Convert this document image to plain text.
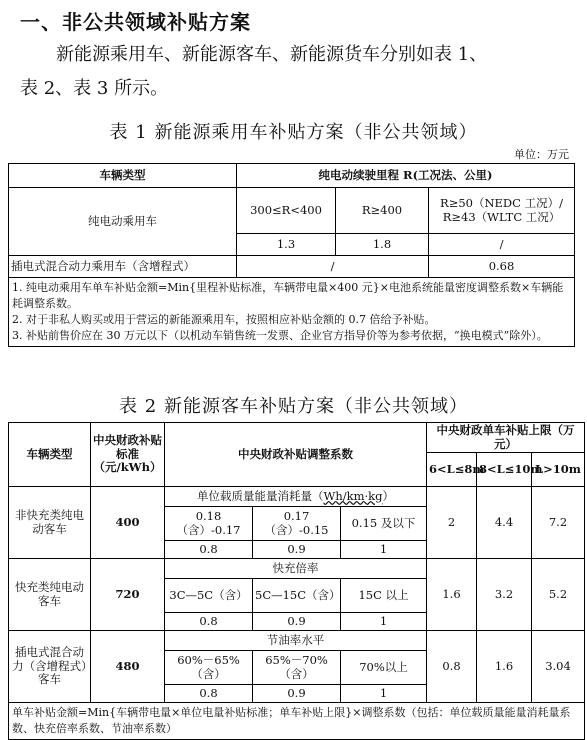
一、非公共领域补贴方案
新能源乘用车、新能源客车、新能源货车分别如表 1、
表 2、表 3 所示。
表 1 新能源乘用车补贴方案（非公共领域）
单位：万元
车辆类型	纯电动续驶里程 R(工况法、公里)		
纯电动乘用车	300≤R<400	R≥400	R≥50（NEDC 工况）/
R≥43（WLTC 工况）

	1.3	1.8	/
插电式混合动力乘用车（含增程式）	/		0.68

1. 纯电动乘用车单车补贴金额=Min{里程补贴标准，车辆带电量×400 元}×电池系统能量密度调整系数×车辆能耗调整系数。
2. 对于非私人购买或用于营运的新能源乘用车，按照相应补贴金额的 0.7 倍给予补贴。
3. 补贴前售价应在 30 万元以下（以机动车销售统一发票、企业官方指导价等为参考依据，“换电模式”除外）。			
表 2 新能源客车补贴方案（非公共领域）
车辆类型	中央财政补贴标准（元/kWh）	中央财政补贴调整系数			中央财政单车补贴上限（万元）		
					6<L≤8m	8<L≤10m	L>10m
非快充类纯电动客车	400	单位载质量能量消耗量（Wh/km·kg）			2	4.4	7.2
		0.18（含）-0.17	0.17（含）-0.15	0.15 及以下			
		0.8	0.9	1			
快充类纯电动客车	720	快充倍率			1.6	3.2	5.2
		3C—5C（含）	5C—15C（含）	15C 以上			
		0.8	0.9	1			
插电式混合动力（含增程式）客车	480	节油率水平			0.8	1.6	3.04
		60%－65%（含）	65%－70%（含）	70%以上			
		0.8	0.9	1			
单车补贴金额=Min{车辆带电量×单位电量补贴标准；单车补贴上限}×调整系数（包括：单位载质量能量消耗量系数、快充倍率系数、节油率系数）							
